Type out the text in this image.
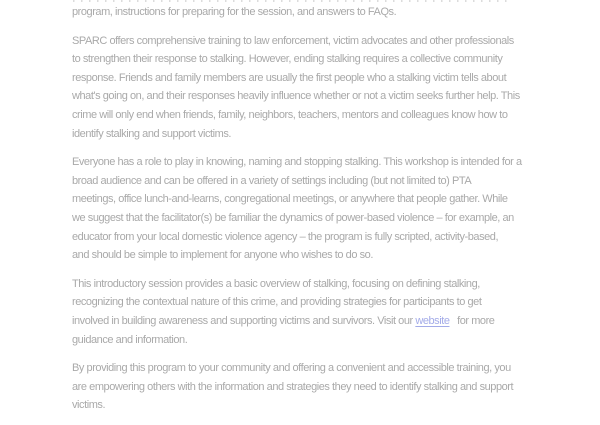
program, instructions for preparing for the session, and answers to FAQs.

SPARC offers comprehensive training to law enforcement, victim advocates and other professionals
to strengthen their response to stalking. However, ending stalking requires a collective community
response. Friends and family members are usually the first people who a stalking victim tells about
what's going on, and their responses heavily influence whether or not a victim seeks further help. This
crime will only end when friends, family, neighbors, teachers, mentors and colleagues know how to
identify stalking and support victims.

Everyone has a role to play in knowing, naming and stopping stalking. This workshop is intended for a
broad audience and can be offered in a variety of settings including (but not limited to) PTA
meetings, office lunch-and-learns, congregational meetings, or anywhere that people gather. While
we suggest that the facilitator(s) be familiar the dynamics of power-based violence – for example, an
educator from your local domestic violence agency – the program is fully scripted, activity-based,
and should be simple to implement for anyone who wishes to do so.

This introductory session provides a basic overview of stalking, focusing on defining stalking,
recognizing the contextual nature of this crime, and providing strategies for participants to get
involved in building awareness and supporting victims and survivors. Visit our website for more
guidance and information.

By providing this program to your community and offering a convenient and accessible training, you
are empowering others with the information and strategies they need to identify stalking and support
victims.
